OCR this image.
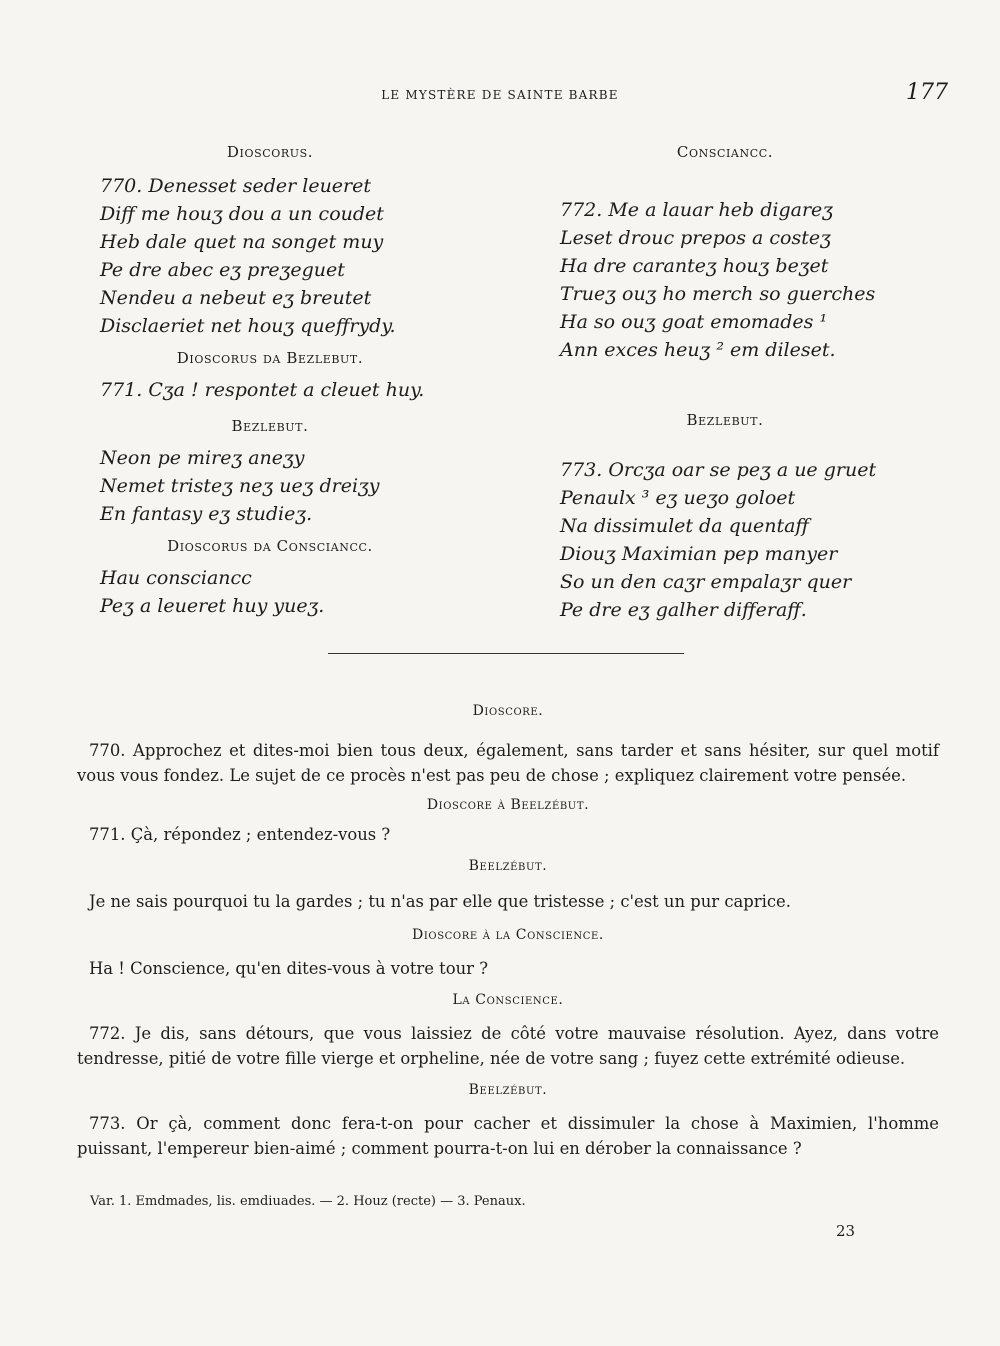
LE MYSTÈRE DE SAINTE BARBE	177

Dioscorus.

770. Denesset seder leueret

Diff me houʒ dou a un coudet

Heb dale quet na songet muy

Pe dre abec eʒ preʒeguet

Nendeu a nebeut eʒ breutet

Disclaeriet net houʒ queffrydy.

Dioscorus da Bezlebut.

771. Cʒa ! respontet a cleuet huy.

Bezlebut.

Neon pe mireʒ aneʒy

Nemet tristeʒ neʒ ueʒ dreiʒy

En fantasy eʒ studieʒ.

Dioscorus da Consciancc.

Hau consciancc

Peʒ a leueret huy yueʒ.

Consciancc.

772. Me a lauar heb digareʒ

Leset drouc prepos a costeʒ

Ha dre caranteʒ houʒ beʒet

Trueʒ ouʒ ho merch so guerches

Ha so ouʒ goat emomades ¹

Ann exces heuʒ ² em dileset.

Bezlebut.

773. Orcʒa oar se peʒ a ue gruet

Penaulx ³ eʒ ueʒo goloet

Na dissimulet da quentaff

Diouʒ Maximian pep manyer

So un den caʒr empalaʒr quer

Pe dre eʒ galher differaff.

Dioscore.

770. Approchez et dites-moi bien tous deux, également, sans tarder et sans hésiter, sur quel motif vous vous fondez. Le sujet de ce procès n'est pas peu de chose ; expliquez clairement votre pensée.

Dioscore à Beelzébut.

771. Çà, répondez ; entendez-vous ?

Beelzébut.

Je ne sais pourquoi tu la gardes ; tu n'as par elle que tristesse ; c'est un pur caprice.

Dioscore à la Conscience.

Ha ! Conscience, qu'en dites-vous à votre tour ?

La Conscience.

772. Je dis, sans détours, que vous laissiez de côté votre mauvaise résolution. Ayez, dans votre tendresse, pitié de votre fille vierge et orpheline, née de votre sang ; fuyez cette extrémité odieuse.

Beelzébut.

773. Or çà, comment donc fera-t-on pour cacher et dissimuler la chose à Maximien, l'homme puissant, l'empereur bien-aimé ; comment pourra-t-on lui en dérober la connaissance ?

Var. 1. Emdmades, lis. emdiuades. — 2. Houz (recte) — 3. Penaux.
23
